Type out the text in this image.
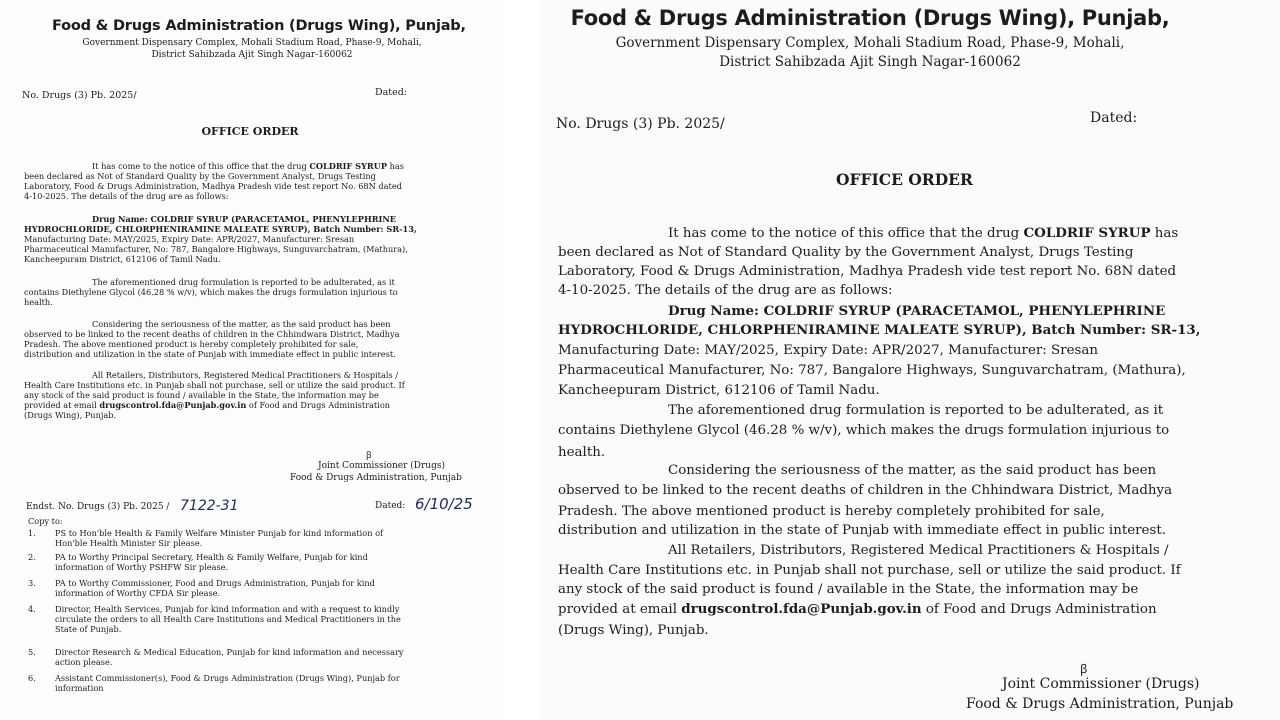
Food & Drugs Administration (Drugs Wing), Punjab,
Government Dispensary Complex, Mohali Stadium Road, Phase-9, Mohali,
District Sahibzada Ajit Singh Nagar-160062
No. Drugs (3) Pb. 2025/	Dated:
OFFICE ORDER
It has come to the notice of this office that the drug COLDRIF SYRUP has
been declared as Not of Standard Quality by the Government Analyst, Drugs Testing
Laboratory, Food & Drugs Administration, Madhya Pradesh vide test report No. 68N dated
4-10-2025. The details of the drug are as follows:
Drug Name: COLDRIF SYRUP (PARACETAMOL, PHENYLEPHRINE
HYDROCHLORIDE, CHLORPHENIRAMINE MALEATE SYRUP), Batch Number: SR-13,
Manufacturing Date: MAY/2025, Expiry Date: APR/2027, Manufacturer: Sresan
Pharmaceutical Manufacturer, No: 787, Bangalore Highways, Sunguvarchatram, (Mathura),
Kancheepuram District, 612106 of Tamil Nadu.
The aforementioned drug formulation is reported to be adulterated, as it
contains Diethylene Glycol (46.28 % w/v), which makes the drugs formulation injurious to
health.
Considering the seriousness of the matter, as the said product has been
observed to be linked to the recent deaths of children in the Chhindwara District, Madhya
Pradesh. The above mentioned product is hereby completely prohibited for sale,
distribution and utilization in the state of Punjab with immediate effect in public interest.
All Retailers, Distributors, Registered Medical Practitioners & Hospitals /
Health Care Institutions etc. in Punjab shall not purchase, sell or utilize the said product. If
any stock of the said product is found / available in the State, the information may be
provided at email drugscontrol.fda@Punjab.gov.in of Food and Drugs Administration
(Drugs Wing), Punjab.
ꞵ
Joint Commissioner (Drugs)
Food & Drugs Administration, Punjab
Endst. No. Drugs (3) Pb. 2025 / 7122-31	Dated: 6/10/25
Copy to:
1. PS to Hon'ble Health & Family Welfare Minister Punjab for kind information of
Hon'ble Health Minister Sir please.
2. PA to Worthy Principal Secretary, Health & Family Welfare, Punjab for kind
information of Worthy PSHFW Sir please.
3. PA to Worthy Commissioner, Food and Drugs Administration, Punjab for kind
information of Worthy CFDA Sir please.
4. Director, Health Services, Punjab for kind information and with a request to kindly
circulate the orders to all Health Care Institutions and Medical Practitioners in the
State of Punjab.
5. Director Research & Medical Education, Punjab for kind information and necessary
action please.
6. Assistant Commissioner(s), Food & Drugs Administration (Drugs Wing), Punjab for
information
Food & Drugs Administration (Drugs Wing), Punjab,
Government Dispensary Complex, Mohali Stadium Road, Phase-9, Mohali,
District Sahibzada Ajit Singh Nagar-160062
No. Drugs (3) Pb. 2025/	Dated:
OFFICE ORDER
It has come to the notice of this office that the drug COLDRIF SYRUP has
been declared as Not of Standard Quality by the Government Analyst, Drugs Testing
Laboratory, Food & Drugs Administration, Madhya Pradesh vide test report No. 68N dated
4-10-2025. The details of the drug are as follows:
Drug Name: COLDRIF SYRUP (PARACETAMOL, PHENYLEPHRINE
HYDROCHLORIDE, CHLORPHENIRAMINE MALEATE SYRUP), Batch Number: SR-13,
Manufacturing Date: MAY/2025, Expiry Date: APR/2027, Manufacturer: Sresan
Pharmaceutical Manufacturer, No: 787, Bangalore Highways, Sunguvarchatram, (Mathura),
Kancheepuram District, 612106 of Tamil Nadu.
The aforementioned drug formulation is reported to be adulterated, as it
contains Diethylene Glycol (46.28 % w/v), which makes the drugs formulation injurious to
health.
Considering the seriousness of the matter, as the said product has been
observed to be linked to the recent deaths of children in the Chhindwara District, Madhya
Pradesh. The above mentioned product is hereby completely prohibited for sale,
distribution and utilization in the state of Punjab with immediate effect in public interest.
All Retailers, Distributors, Registered Medical Practitioners & Hospitals /
Health Care Institutions etc. in Punjab shall not purchase, sell or utilize the said product. If
any stock of the said product is found / available in the State, the information may be
provided at email drugscontrol.fda@Punjab.gov.in of Food and Drugs Administration
(Drugs Wing), Punjab.
ꞵ
Joint Commissioner (Drugs)
Food & Drugs Administration, Punjab
